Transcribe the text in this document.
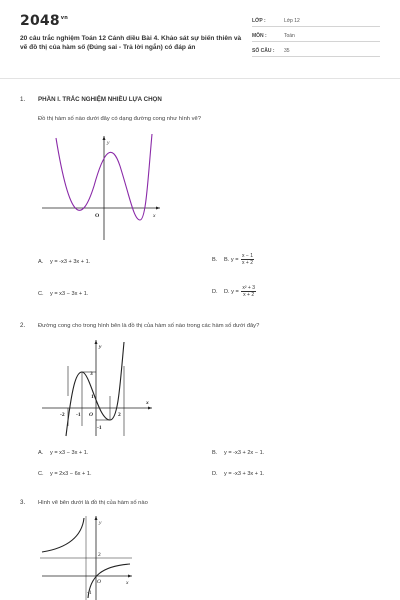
$2048^{vn}$
20 câu trắc nghiệm Toán 12 Cánh diều Bài 4. Khảo sát sự biến thiên và vẽ đồ thị của hàm số (Đúng sai - Trả lời ngắn) có đáp án
LỚP :	Lớp 12
MÔN :	Toán
SỐ CÂU : 35
1. PHẦN I. TRẮC NGHIỆM NHIỀU LỰA CHỌN
Đồ thị hàm số nào dưới đây có dạng đường cong như hình vẽ?
y
x
O
A. y = -x3 + 3x + 1.	B. B. $y = \frac{x - 1}{x + 2}$
C. y = x3 − 3x + 1.	D. D. $y = \frac{\text{x² + 3}}{x + 2}$
2. Đường cong cho trong hình bên là đồ thị của hàm số nào trong các hàm số dưới đây?
y
x
O
3
1
-1
-2	2
-1
A. y = x3 − 3x + 1.	B. y = -x3 + 2x − 1.
C. y = 2x3 − 6x + 1.	D. y = -x3 + 3x + 1.
3. Hình vẽ bên dưới là đồ thị của hàm số nào
y
x
O
2
-1
